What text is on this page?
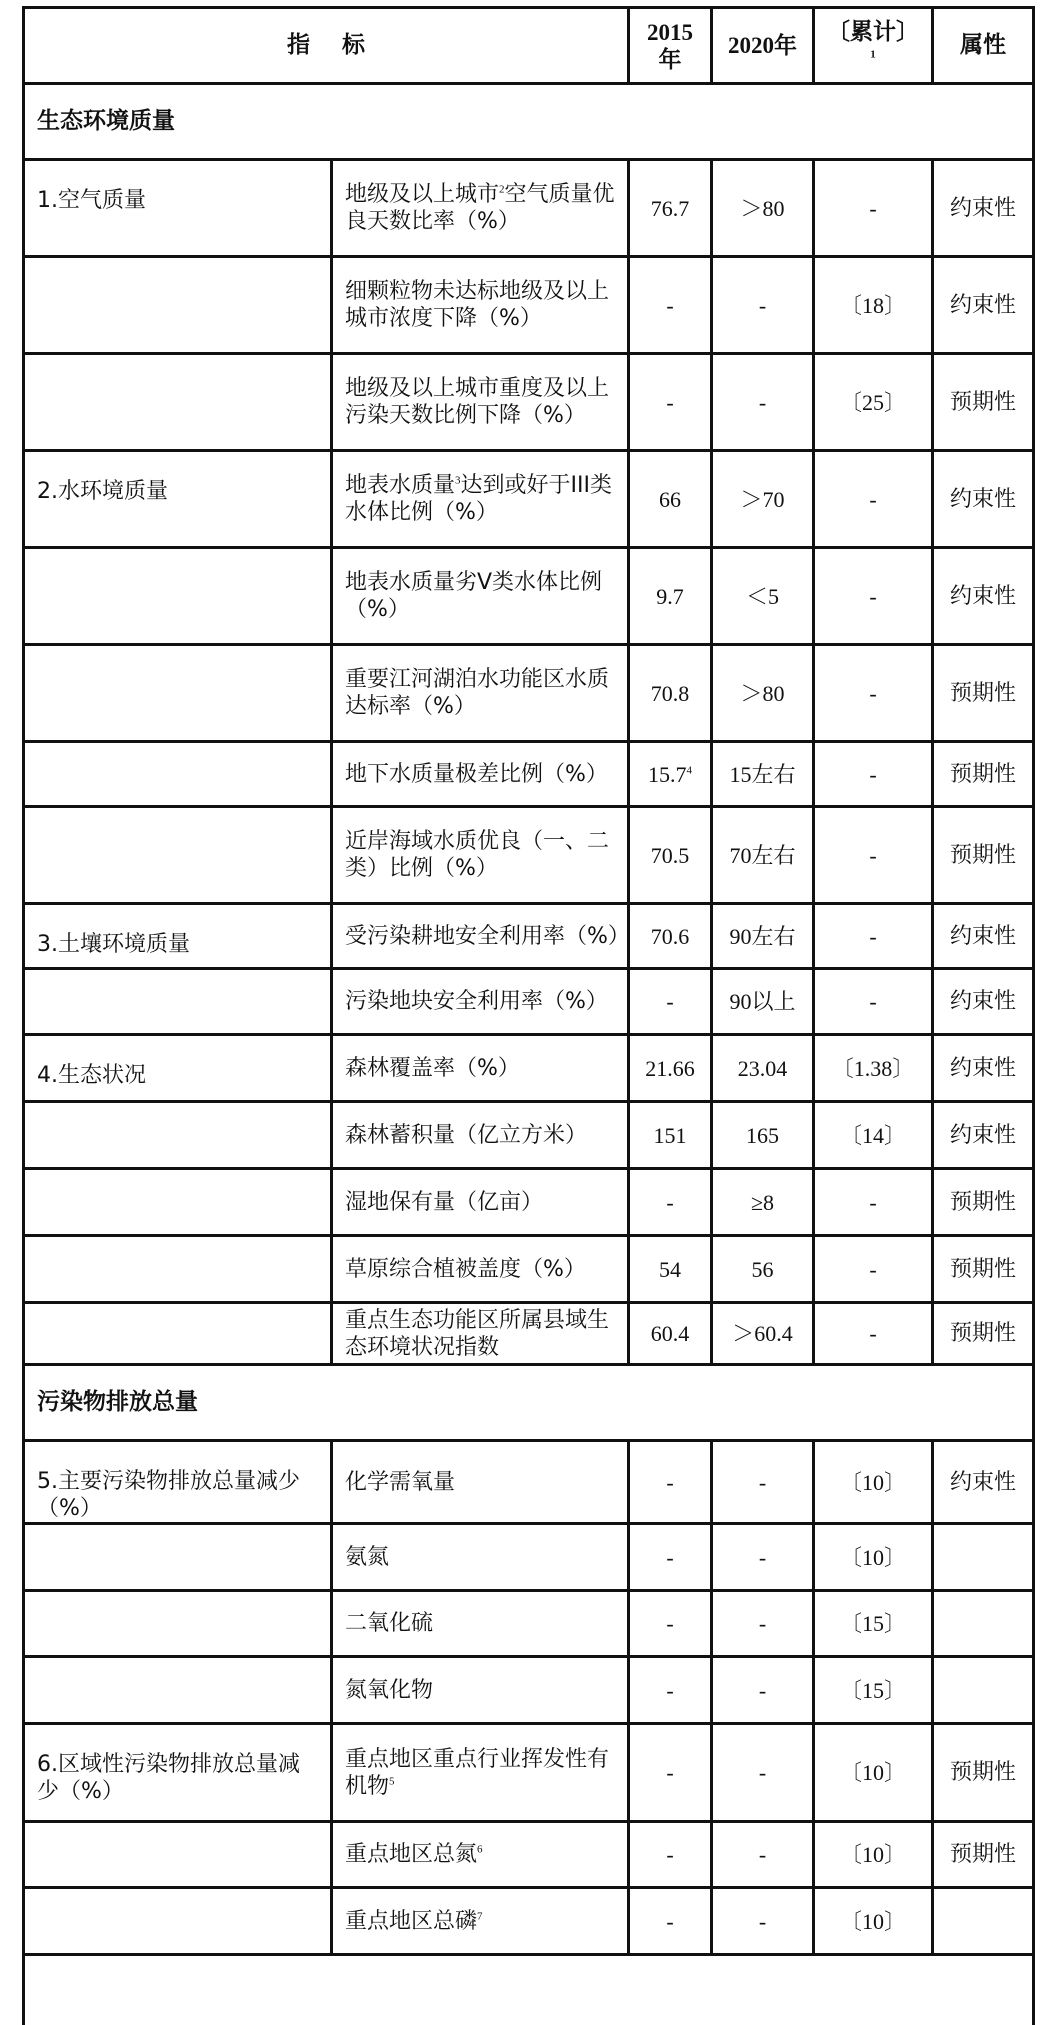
指    标		2015年	2020年	〔累计〕$^1$	属性
生态环境质量					
1.空气质量	地级及以上城市$^2$空气质量优良天数比率（%）	76.7	＞80	-	约束性
	细颗粒物未达标地级及以上城市浓度下降（%）	-	-	〔18〕	约束性
	地级及以上城市重度及以上污染天数比例下降（%）	-	-	〔25〕	预期性
2.水环境质量	地表水质量$^3$达到或好于III类水体比例（%）	66	＞70	-	约束性
	地表水质量劣V类水体比例（%）	9.7	＜5	-	约束性
	重要江河湖泊水功能区水质达标率（%）	70.8	＞80	-	预期性
	地下水质量极差比例（%）	15.7$^4$	15左右	-	预期性
	近岸海域水质优良（一、二类）比例（%）	70.5	70左右	-	预期性
3.土壤环境质量	受污染耕地安全利用率（%）	70.6	90左右	-	约束性
	污染地块安全利用率（%）	-	90以上	-	约束性
4.生态状况	森林覆盖率（%）	21.66	23.04	〔1.38〕	约束性
	森林蓄积量（亿立方米）	151	165	〔14〕	约束性
	湿地保有量（亿亩）	-	≥8	-	预期性
	草原综合植被盖度（%）	54	56	-	预期性
	重点生态功能区所属县域生态环境状况指数	60.4	＞60.4	-	预期性
污染物排放总量					
5.主要污染物排放总量减少（%）	化学需氧量	-	-	〔10〕	约束性
	氨氮	-	-	〔10〕	
	二氧化硫	-	-	〔15〕	
	氮氧化物	-	-	〔15〕	
6.区域性污染物排放总量减少（%）	重点地区重点行业挥发性有机物$^5$	-	-	〔10〕	预期性
	重点地区总氮$^6$	-	-	〔10〕	预期性
	重点地区总磷$^7$	-	-	〔10〕	
